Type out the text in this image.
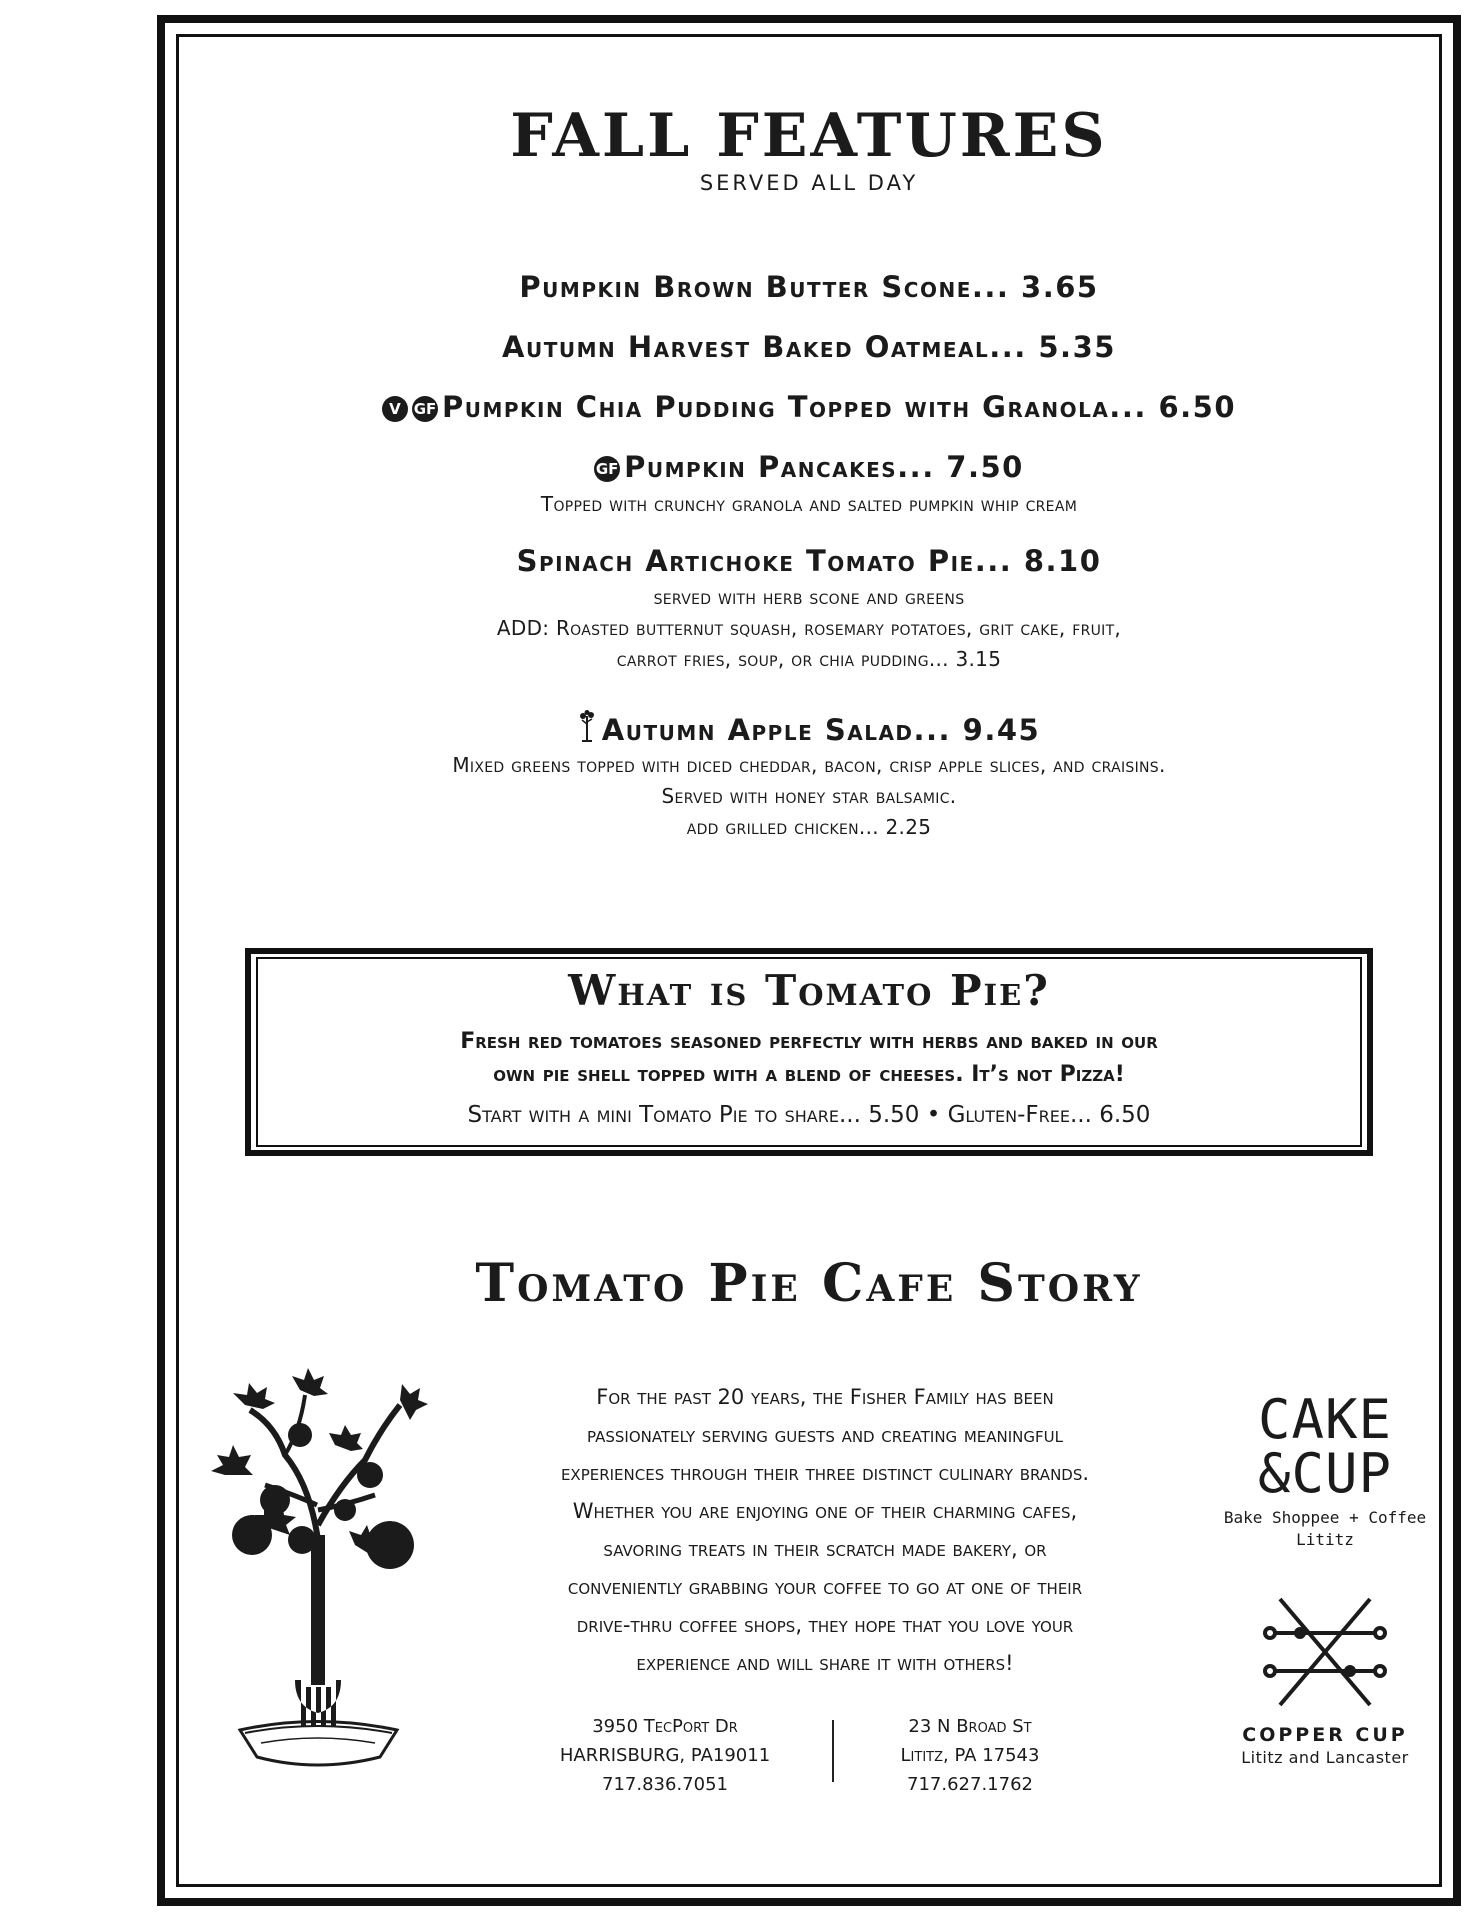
FALL FEATURES
SERVED ALL DAY
Pumpkin Brown Butter Scone... 3.65
Autumn Harvest Baked Oatmeal... 5.35
V GF Pumpkin Chia Pudding Topped with Granola... 6.50
GF Pumpkin Pancakes... 7.50
Topped with crunchy granola and salted pumpkin whip cream
Spinach Artichoke Tomato Pie... 8.10
served with herb scone and greens
ADD: Roasted butternut squash, rosemary potatoes, grit cake, fruit,
carrot fries, soup, or chia pudding... 3.15
Autumn Apple Salad... 9.45
Mixed greens topped with diced cheddar, bacon, crisp apple slices, and craisins.
Served with honey star balsamic.
add grilled chicken... 2.25
What is Tomato Pie?
Fresh red tomatoes seasoned perfectly with herbs and baked in our
own pie shell topped with a blend of cheeses. It’s not Pizza!
Start with a mini Tomato Pie to share... 5.50 • Gluten-Free... 6.50
Tomato Pie Cafe Story
For the past 20 years, the Fisher Family has been
passionately serving guests and creating meaningful
experiences through their three distinct culinary brands.
Whether you are enjoying one of their charming cafes,
savoring treats in their scratch made bakery, or
conveniently grabbing your coffee to go at one of their
drive-thru coffee shops, they hope that you love your
experience and will share it with others!
3950 TecPort Dr
HARRISBURG, PA19011
717.836.7051
23 N Broad St
Lititz, PA 17543
717.627.1762
CAKE
&CUP
Bake Shoppee + Coffee
Lititz
COPPER CUP
Lititz and Lancaster
